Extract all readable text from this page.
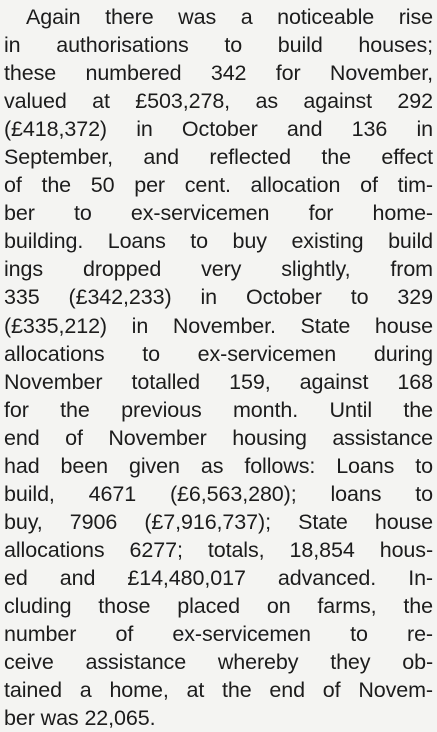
Again there was a noticeable rise
in authorisations to build houses;
these numbered 342 for November,
valued at £503,278, as against 292
(£418,372) in October and 136 in
September, and reflected the effect
of the 50 per cent. allocation of tim-
ber to ex-servicemen for home-
building. Loans to buy existing build
ings dropped very slightly, from
335 (£342,233) in October to 329
(£335,212) in November. State house
allocations to ex-servicemen during
November totalled 159, against 168
for the previous month. Until the
end of November housing assistance
had been given as follows: Loans to
build, 4671 (£6,563,280); loans to
buy, 7906 (£7,916,737); State house
allocations 6277; totals, 18,854 hous-
ed and £14,480,017 advanced. In-
cluding those placed on farms, the
number of ex-servicemen to re-
ceive assistance whereby they ob-
tained a home, at the end of Novem-
ber was 22,065.
